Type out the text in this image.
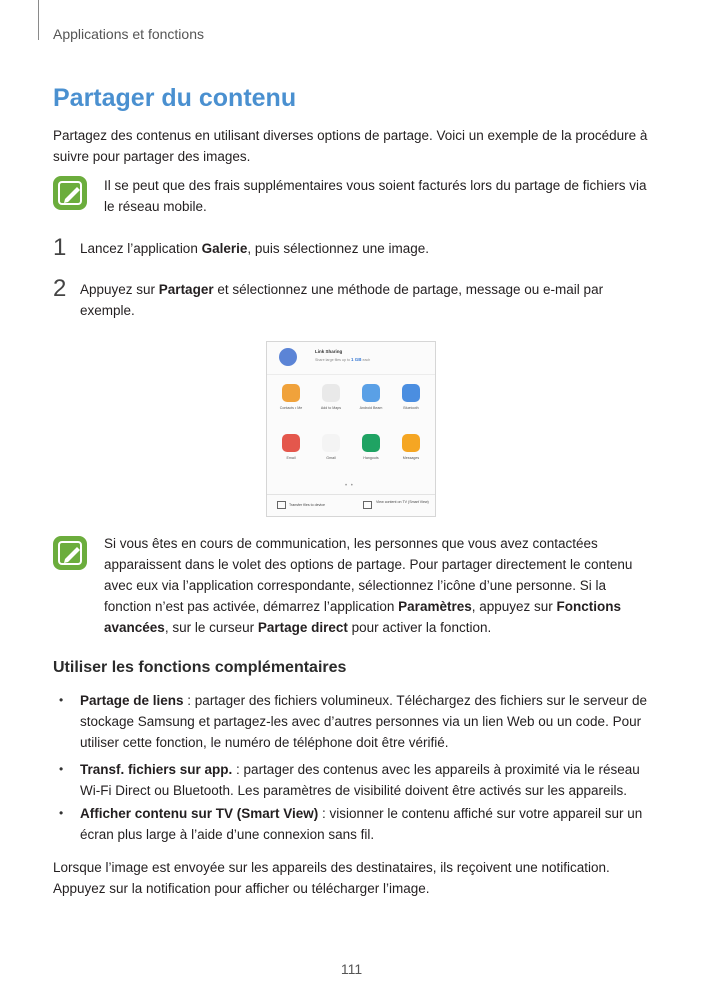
Applications et fonctions
Partager du contenu

Partagez des contenus en utilisant diverses options de partage. Voici un exemple de la procédure à suivre pour partager des images.

Il se peut que des frais supplémentaires vous soient facturés lors du partage de fichiers via le réseau mobile.

1 Lancez l’application Galerie, puis sélectionnez une image.

2 Appuyez sur Partager et sélectionnez une méthode de partage, message ou e-mail par exemple.

Link Sharing
Share large files up to 1 GB each
Contacts • Me	Add to Maps	Android Beam	Bluetooth
Email	Gmail	Hangouts	Messages
• •
Transfer files to device
View content on TV (Smart View)

Si vous êtes en cours de communication, les personnes que vous avez contactées apparaissent dans le volet des options de partage. Pour partager directement le contenu avec eux via l’application correspondante, sélectionnez l’icône d’une personne. Si la fonction n’est pas activée, démarrez l’application Paramètres, appuyez sur Fonctions avancées, sur le curseur Partage direct pour activer la fonction.

Utiliser les fonctions complémentaires
• Partage de liens : partager des fichiers volumineux. Téléchargez des fichiers sur le serveur de stockage Samsung et partagez-les avec d’autres personnes via un lien Web ou un code. Pour utiliser cette fonction, le numéro de téléphone doit être vérifié.

• Transf. fichiers sur app. : partager des contenus avec les appareils à proximité via le réseau Wi-Fi Direct ou Bluetooth. Les paramètres de visibilité doivent être activés sur les appareils.

• Afficher contenu sur TV (Smart View) : visionner le contenu affiché sur votre appareil sur un écran plus large à l’aide d’une connexion sans fil.

Lorsque l’image est envoyée sur les appareils des destinataires, ils reçoivent une notification. Appuyez sur la notification pour afficher ou télécharger l’image.

111
